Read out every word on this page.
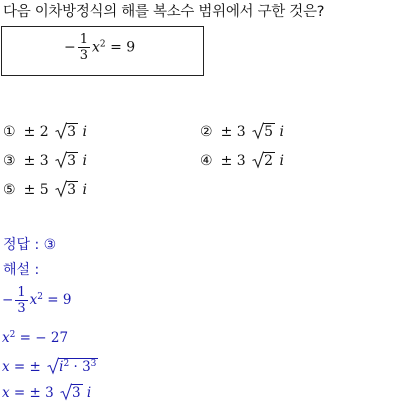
다음 이차방정식의 해를 복소수 범위에서 구한 것은?
− $\frac{1}{3} x^2 = 9$
① ± 2 3 i	② ± 3 5 i
③ ± 3 3 i	④ ± 3 2 i
⑤ ± 5 3 i
정답 : ③
해설 :
− $\frac{1}{3} x^2 = 9$
$x^2$ = − 27
x = ±
$i^2 \cdot 3^3$
x = ± 3
3 i
